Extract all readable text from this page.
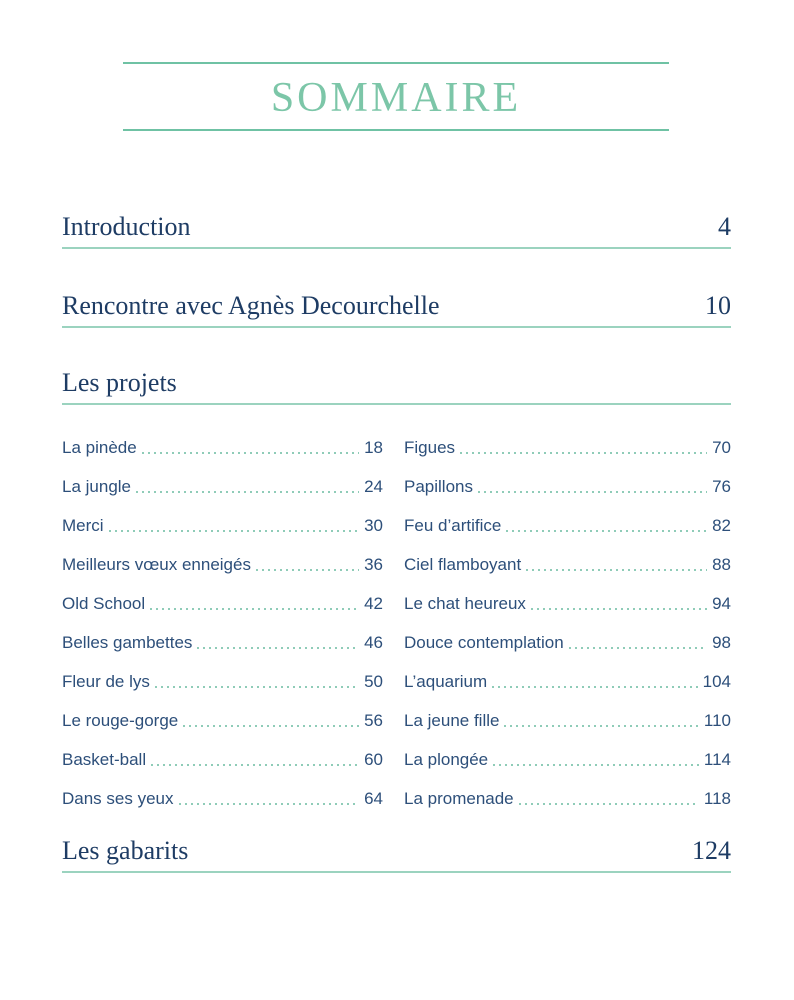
SOMMAIRE
Introduction	4
Rencontre avec Agnès Decourchelle	10
Les projets
La pinède	18
La jungle	24
Merci	30
Meilleurs vœux enneigés	36
Old School	42
Belles gambettes	46
Fleur de lys	50
Le rouge-gorge	56
Basket-ball	60
Dans ses yeux	64
Figues	70
Papillons	76
Feu d’artifice	82
Ciel flamboyant	88
Le chat heureux	94
Douce contemplation	98
L’aquarium	104
La jeune fille	110
La plongée	114
La promenade	118
Les gabarits	124
